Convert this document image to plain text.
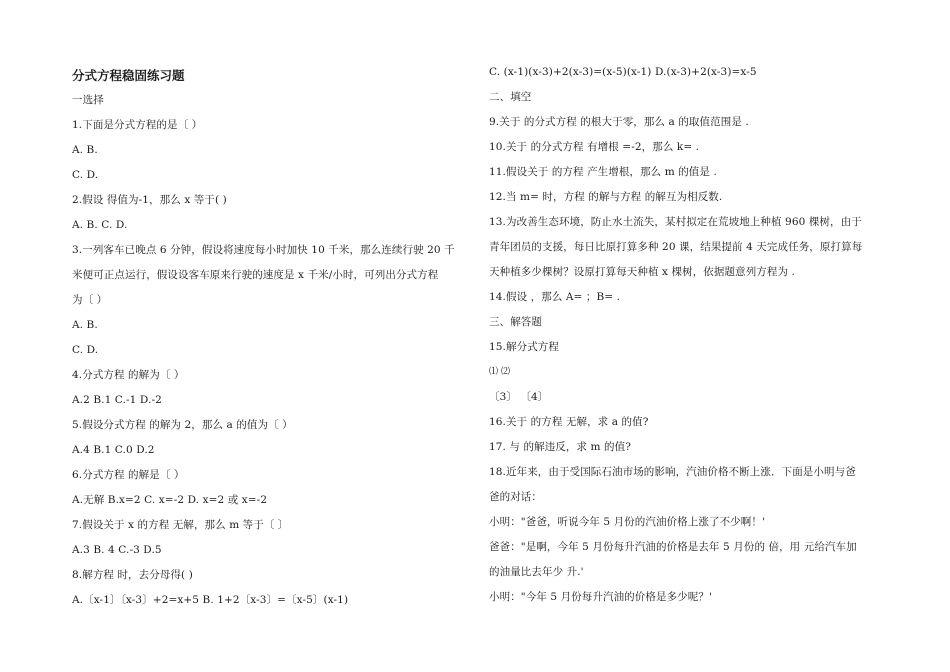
分式方程稳固练习题
一选择
1.下面是分式方程的是〔 ）
A. B.
C. D.
2.假设 得值为-1，那么 x 等于( )
A. B. C. D.
3.一列客车已晚点 6 分钟，假设将速度每小时加快 10 千米，那么连续行驶 20 千
米便可正点运行，假设设客车原来行驶的速度是 x 千米/小时，可列出分式方程
为〔 ）
A. B.
C. D.
4.分式方程 的解为〔 ）
A.2 B.1 C.-1 D.-2
5.假设分式方程 的解为 2，那么 a 的值为〔 ）
A.4 B.1 C.0 D.2
6.分式方程 的解是〔 ）
A.无解 B.x=2 C. x=-2 D. x=2 或 x=-2
7.假设关于 x 的方程 无解，那么 m 等于〔 〕
A.3 B. 4 C.-3 D.5
8.解方程 时，去分母得( )
A.〔x-1〕〔x-3〕+2=x+5 B. 1+2〔x-3〕=〔x-5〕(x-1)
C. (x-1)(x-3)+2(x-3)=(x-5)(x-1) D.(x-3)+2(x-3)=x-5
二、填空
9.关于 的分式方程 的根大于零，那么 a 的取值范围是 .
10.关于 的分式方程 有增根 =-2，那么 k= .
11.假设关于 的方程 产生增根，那么 m 的值是 .
12.当 m= 时，方程 的解与方程 的解互为相反数.
13.为改善生态环境，防止水土流失，某村拟定在荒坡地上种植 960 棵树，由于
青年团员的支援，每日比原打算多种 20 课，结果提前 4 天完成任务，原打算每
天种植多少棵树？设原打算每天种植 x 棵树，依据题意列方程为 .
14.假设 ，那么 A= ；B= .
三、解答题
15.解分式方程
⑴ ⑵
〔3〕 〔4〕
16.关于 的方程 无解，求 a 的值?
17. 与 的解违反，求 m 的值?
18.近年来，由于受国际石油市场的影响，汽油价格不断上涨．下面是小明与爸
爸的对话：
小明："爸爸，听说今年 5 月份的汽油价格上涨了不少啊！'
爸爸："是啊，今年 5 月份每升汽油的价格是去年 5 月份的 倍，用 元给汽车加
的油量比去年少 升.'
小明："今年 5 月份每升汽油的价格是多少呢？'
